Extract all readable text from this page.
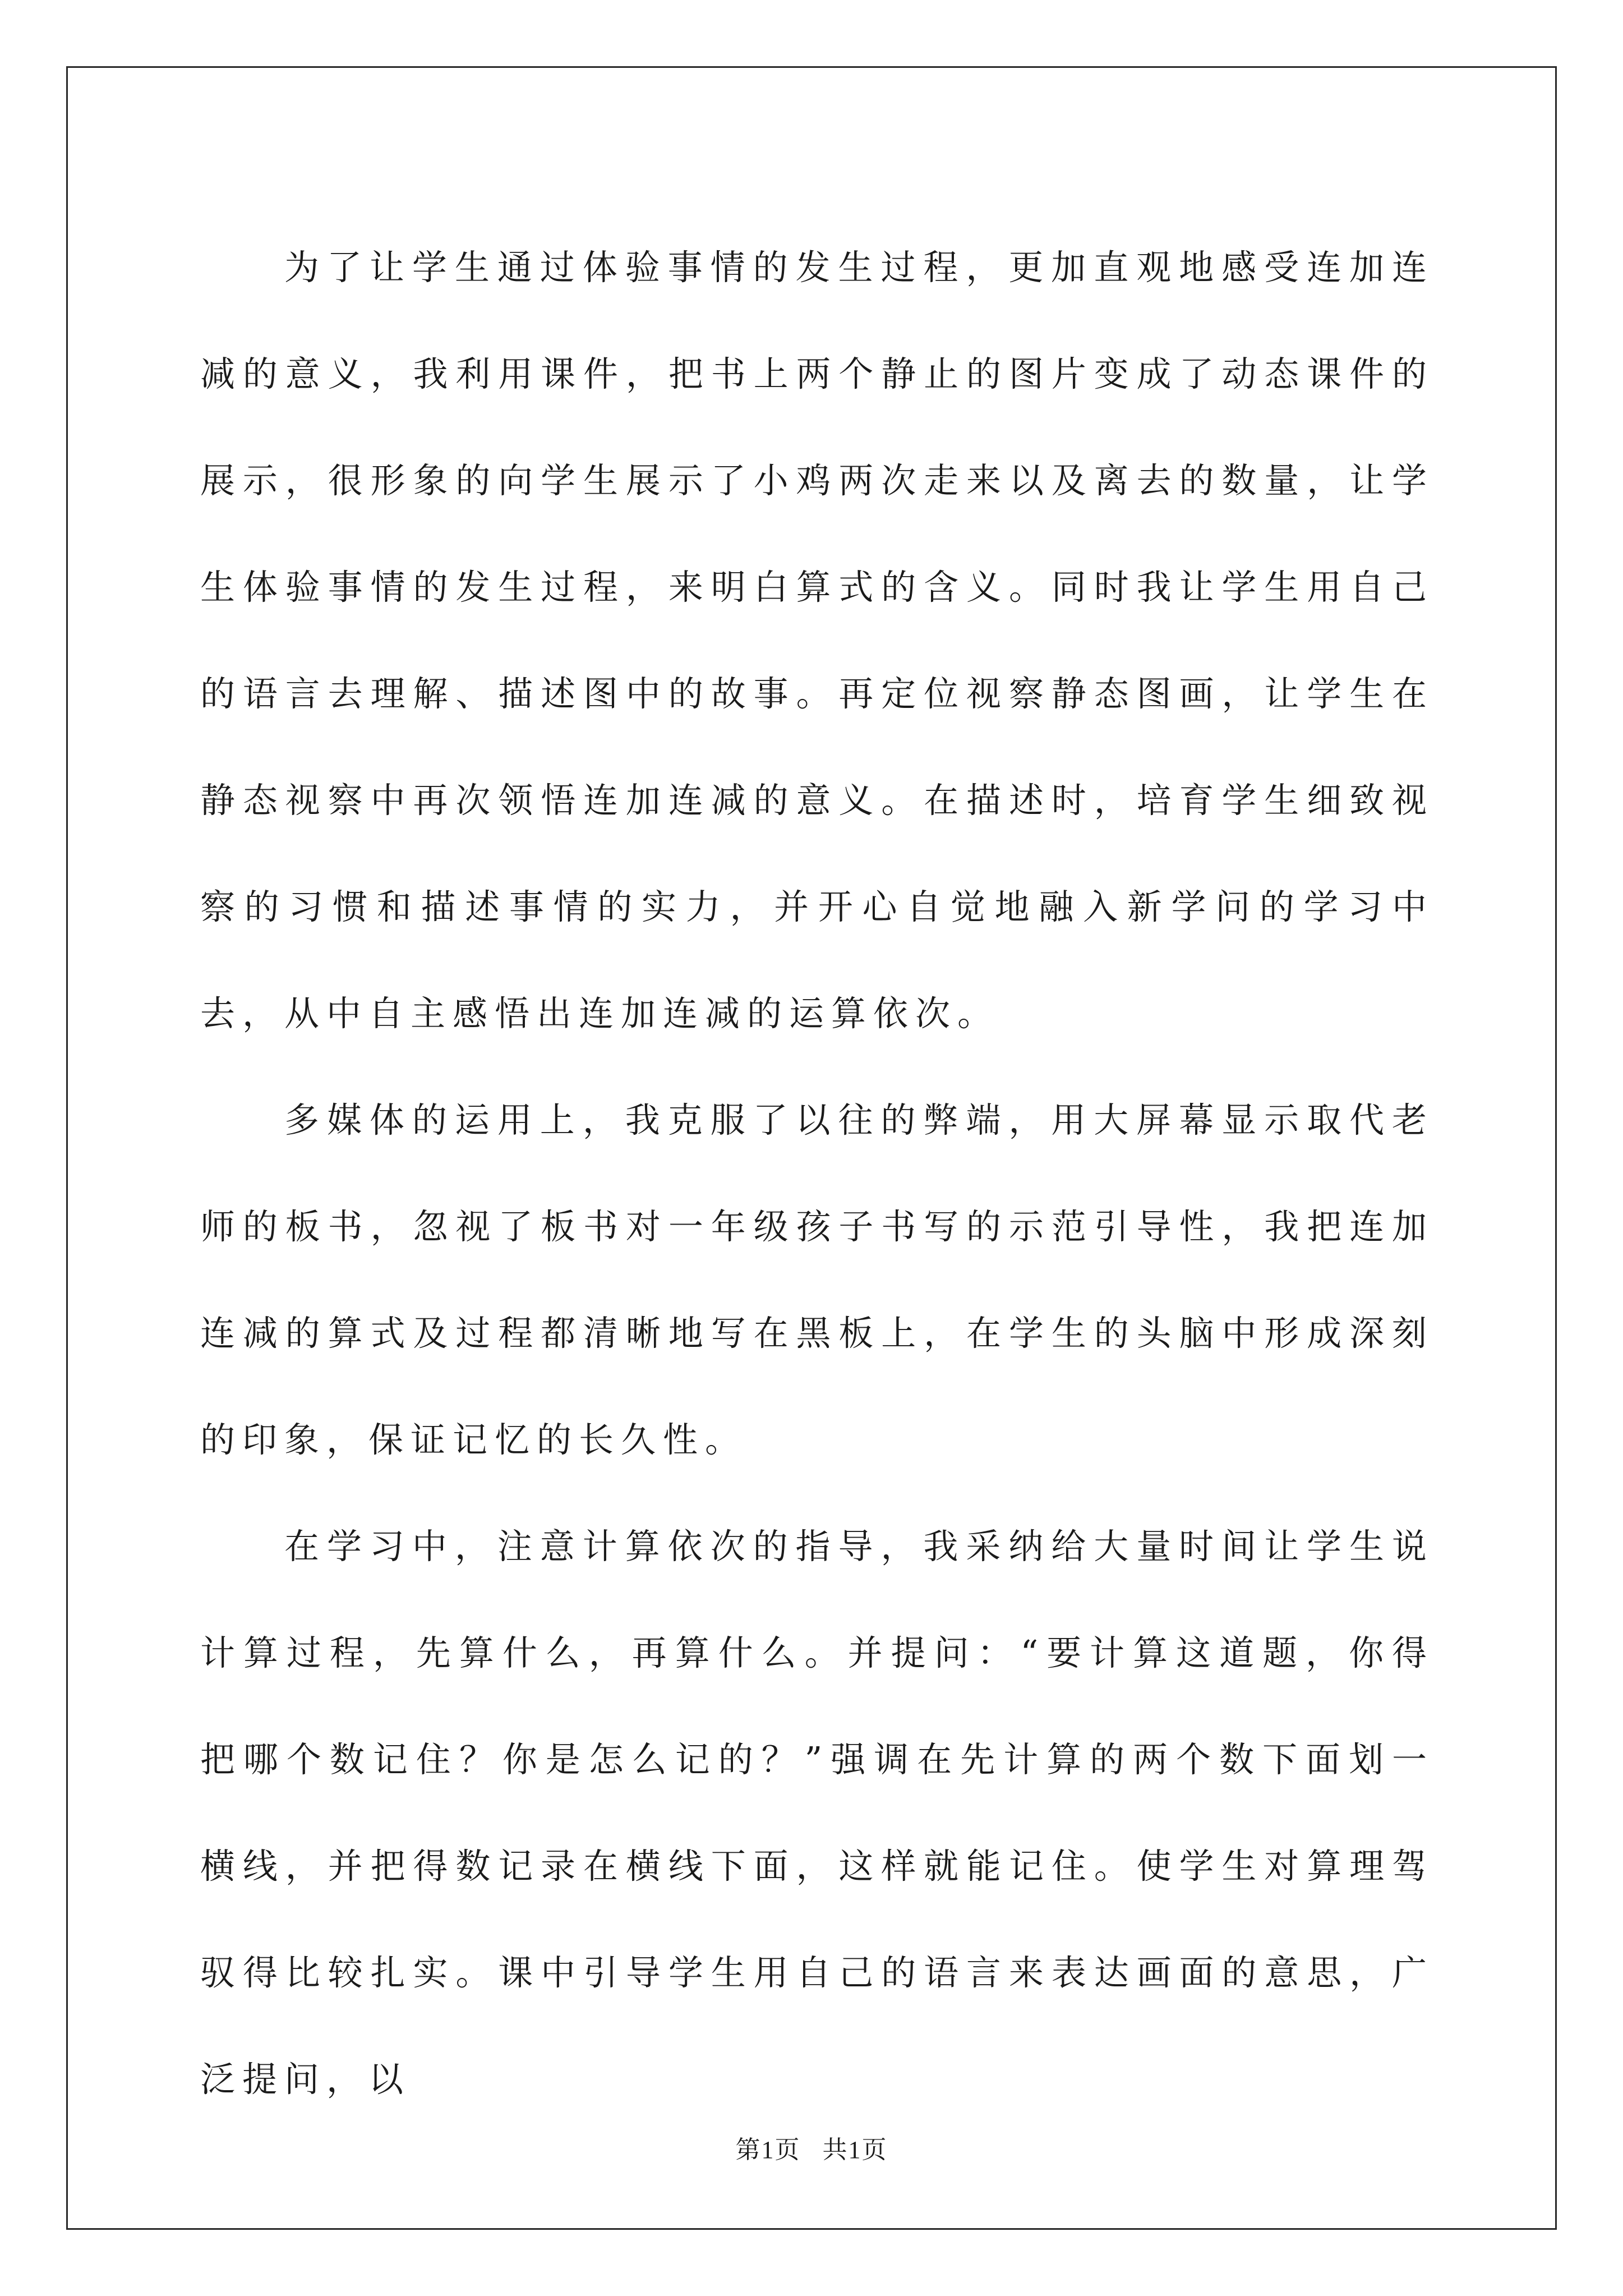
为了让学生通过体验事情的发生过程，更加直观地感受连加连减的意义，我利用课件，把书上两个静止的图片变成了动态课件的展示，很形象的向学生展示了小鸡两次走来以及离去的数量，让学生体验事情的发生过程，来明白算式的含义。同时我让学生用自己的语言去理解、描述图中的故事。再定位视察静态图画，让学生在静态视察中再次领悟连加连减的意义。在描述时，培育学生细致视察的习惯和描述事情的实力，并开心自觉地融入新学问的学习中去，从中自主感悟出连加连减的运算依次。

多媒体的运用上，我克服了以往的弊端，用大屏幕显示取代老师的板书，忽视了板书对一年级孩子书写的示范引导性，我把连加连减的算式及过程都清晰地写在黑板上，在学生的头脑中形成深刻的印象，保证记忆的长久性。

在学习中，注意计算依次的指导，我采纳给大量时间让学生说计算过程，先算什么，再算什么。并提问：“要计算这道题，你得把哪个数记住？你是怎么记的？”强调在先计算的两个数下面划一横线，并把得数记录在横线下面，这样就能记住。使学生对算理驾驭得比较扎实。课中引导学生用自己的语言来表达画面的意思，广泛提问，以

第1页 共1页
